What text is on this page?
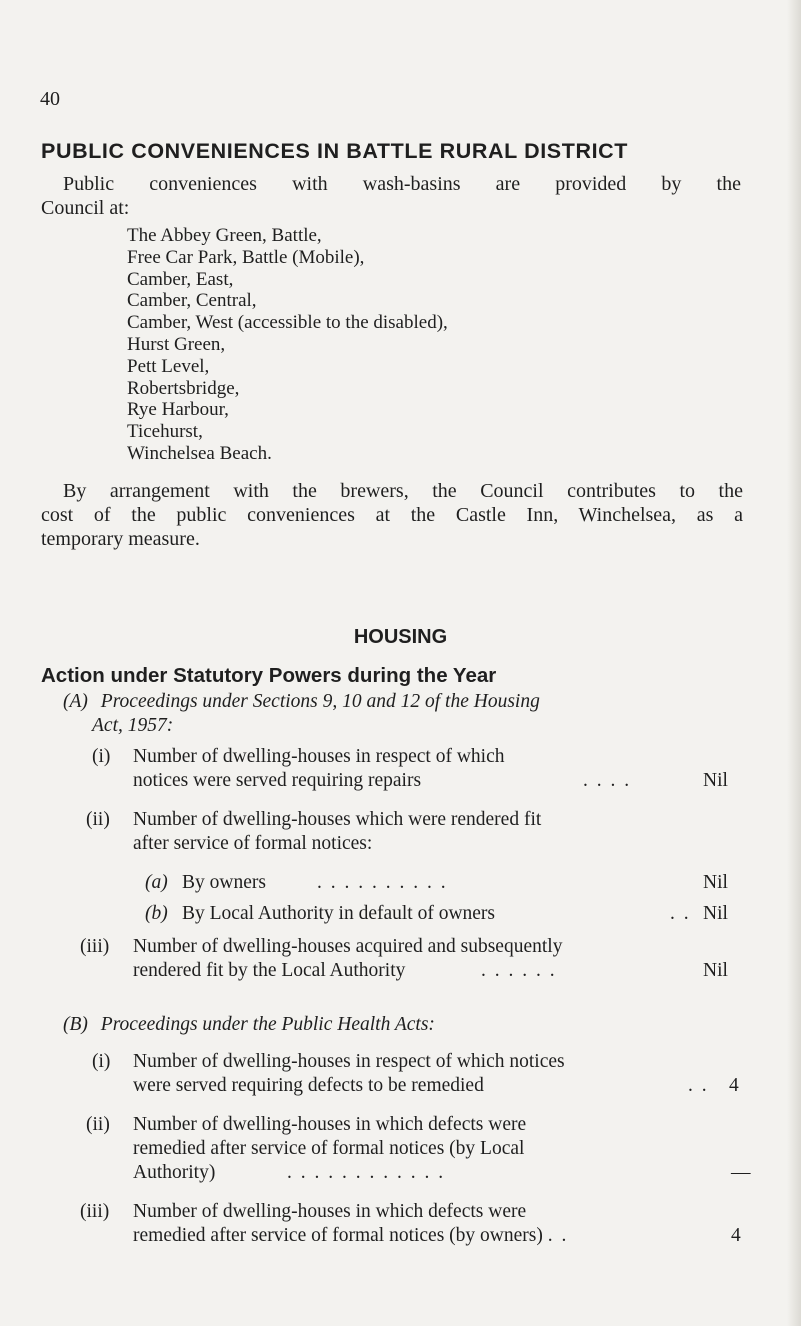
40
PUBLIC CONVENIENCES IN BATTLE RURAL DISTRICT
Public conveniences with wash-basins are provided by the
Council at:
The Abbey Green, Battle,
Free Car Park, Battle (Mobile),
Camber, East,
Camber, Central,
Camber, West (accessible to the disabled),
Hurst Green,
Pett Level,
Robertsbridge,
Rye Harbour,
Ticehurst,
Winchelsea Beach.
By arrangement with the brewers, the Council contributes to the
cost of the public conveniences at the Castle Inn, Winchelsea, as a
temporary measure.
HOUSING
Action under Statutory Powers during the Year
(A) Proceedings under Sections 9, 10 and 12 of the Housing
Act, 1957:
(i) Number of dwelling-houses in respect of which
notices were served requiring repairs	. . . .	Nil
(ii) Number of dwelling-houses which were rendered fit
after service of formal notices:
(a) By owners	. . . . . . . . . .	Nil
(b) By Local Authority in default of owners	. . Nil
(iii) Number of dwelling-houses acquired and subsequently
rendered fit by the Local Authority	. . . . . .	Nil
(B) Proceedings under the Public Health Acts:
(i) Number of dwelling-houses in respect of which notices
were served requiring defects to be remedied	. . 4
(ii) Number of dwelling-houses in which defects were
remedied after service of formal notices (by Local
Authority)	. . . . . . . . . . . .	—
(iii) Number of dwelling-houses in which defects were
remedied after service of formal notices (by owners) . .	4
